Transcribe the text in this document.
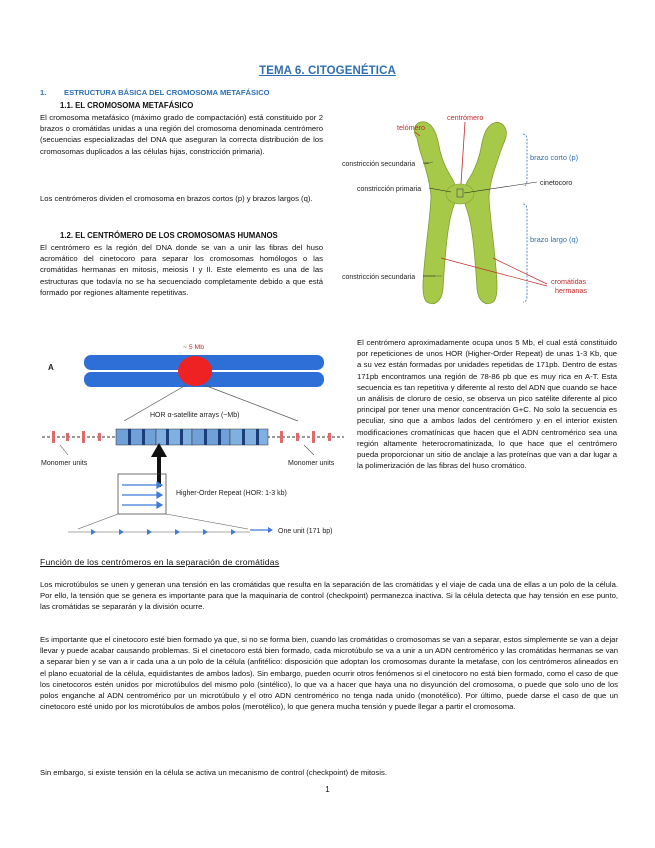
TEMA 6. CITOGENÉTICA
1. ESTRUCTURA BÁSICA DEL CROMOSOMA METAFÁSICO
1.1. EL CROMOSOMA METAFÁSICO
El cromosoma metafásico (máximo grado de compactación) está constituido por 2 brazos o cromátidas unidas a una región del cromosoma denominada centrómero (secuencias especializadas del DNA que aseguran la correcta distribución de los cromosomas duplicados a las células hijas, constricción primaria).
Los centrómeros dividen el cromosoma en brazos cortos (p) y brazos largos (q).
1.2. EL CENTRÓMERO DE LOS CROMOSOMAS HUMANOS
El centrómero es la región del DNA donde se van a unir las fibras del huso acromático del cinetocoro para separar los cromosomas homólogos o las cromátidas hermanas en mitosis, meiosis I y II. Este elemento es una de las estructuras que todavía no se ha secuenciado completamente debido a que está formado por regiones altamente repetitivas.
telómero
centrómero
constricción secundaria
constricción primaria
brazo corto (p)
cinetocoro
brazo largo (q)
constricción secundaria	cromátidas
hermanas
A
~ 5 Mb
HOR α-satellite arrays (~Mb)
Monomer units	Monomer units
Higher-Order Repeat (HOR: 1-3 kb)
One unit (171 bp)
El centrómero aproximadamente ocupa unos 5 Mb, el cual está constituido por repeticiones de unos HOR (Higher-Order Repeat) de unas 1-3 Kb, que a su vez están formadas por unidades repetidas de 171pb. Dentro de estas 171pb encontramos una región de 78-86 pb que es muy rica en A-T. Esta secuencia es tan repetitiva y diferente al resto del ADN que cuando se hace un análisis de cloruro de cesio, se observa un pico satélite diferente al pico principal por tener una menor concentración G+C. No solo la secuencia es peculiar, sino que a ambos lados del centrómero y en el interior existen modificaciones cromatínicas que hacen que el ADN centromérico sea una región altamente heterocromatinizada, lo que hace que el centrómero pueda proporcionar un sitio de anclaje a las proteínas que van a dar lugar a la polimerización de las fibras del huso cromático.
Función de los centrómeros en la separación de cromátidas
Los microtúbulos se unen y generan una tensión en las cromátidas que resulta en la separación de las cromátidas y el viaje de cada una de ellas a un polo de la célula. Por ello, la tensión que se genera es importante para que la maquinaria de control (checkpoint) permanezca inactiva. Si la célula detecta que hay tensión en ese punto, las cromátidas se separarán y la división ocurre.
Es importante que el cinetocoro esté bien formado ya que, si no se forma bien, cuando las cromátidas o cromosomas se van a separar, estos simplemente se van a dejar llevar y puede acabar causando problemas. Si el cinetocoro está bien formado, cada microtúbulo se va a unir a un ADN centromérico y las cromátidas hermanas se van a separar bien y se van a ir cada una a un polo de la célula (anfitélico: disposición que adoptan los cromosomas durante la metafase, con los centrómeros alineados en el plano ecuatorial de la célula, equidistantes de ambos lados). Sin embargo, pueden ocurrir otros fenómenos si el cinetocoro no está bien formado, como el caso de que los cinetocoros estén unidos por microtúbulos del mismo polo (sintélico), lo que va a hacer que haya una no disyunción del cromosoma, o puede que solo uno de los polos enganche al ADN centromérico por un microtúbulo y el otro ADN centromérico no tenga nada unido (monotélico). Por último, puede darse el caso de que un cinetocoro esté unido por los microtúbulos de ambos polos (merotélico), lo que genera mucha tensión y puede llegar a partir el cromosoma.
Sin embargo, si existe tensión en la célula se activa un mecanismo de control (checkpoint) de mitosis.
1
